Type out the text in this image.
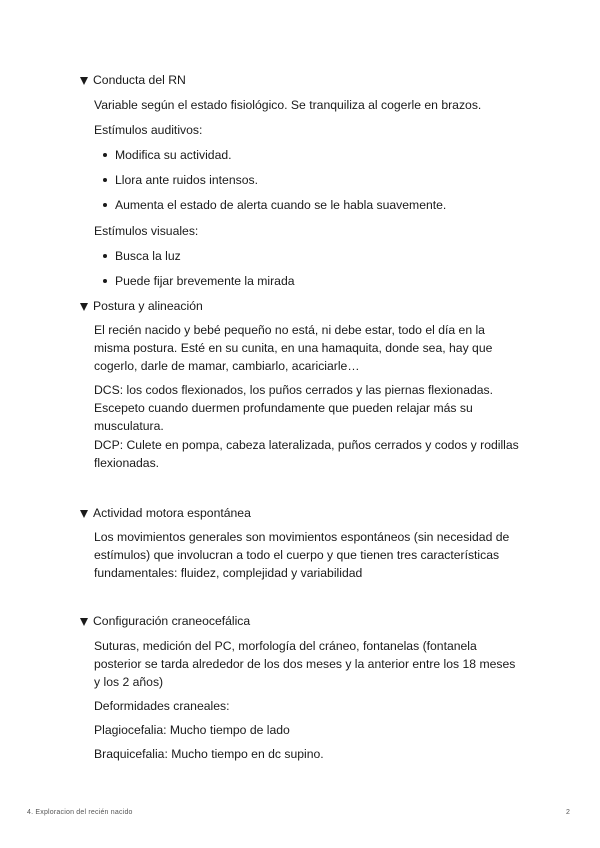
Conducta del RN
Variable según el estado fisiológico. Se tranquiliza al cogerle en brazos.
Estímulos auditivos:
Modifica su actividad.
Llora ante ruidos intensos.
Aumenta el estado de alerta cuando se le habla suavemente.
Estímulos visuales:
Busca la luz
Puede fijar brevemente la mirada
Postura y alineación
El recién nacido y bebé pequeño no está, ni debe estar, todo el día en la misma postura. Esté en su cunita, en una hamaquita, donde sea, hay que cogerlo, darle de mamar, cambiarlo, acariciarle…
DCS: los codos flexionados, los puños cerrados y las piernas flexionadas. Escepeto cuando duermen profundamente que pueden relajar más su musculatura.
DCP: Culete en pompa, cabeza lateralizada, puños cerrados y codos y rodillas flexionadas.
Actividad motora espontánea
Los movimientos generales son movimientos espontáneos (sin necesidad de estímulos) que involucran a todo el cuerpo y que tienen tres características fundamentales: fluidez, complejidad y variabilidad
Configuración craneocefálica
Suturas, medición del PC, morfología del cráneo, fontanelas (fontanela posterior se tarda alrededor de los dos meses y la anterior entre los 18 meses y los 2 años)
Deformidades craneales:
Plagiocefalia: Mucho tiempo de lado
Braquicefalia: Mucho tiempo en dc supino.
4. Exploracion del recién nacido	2
